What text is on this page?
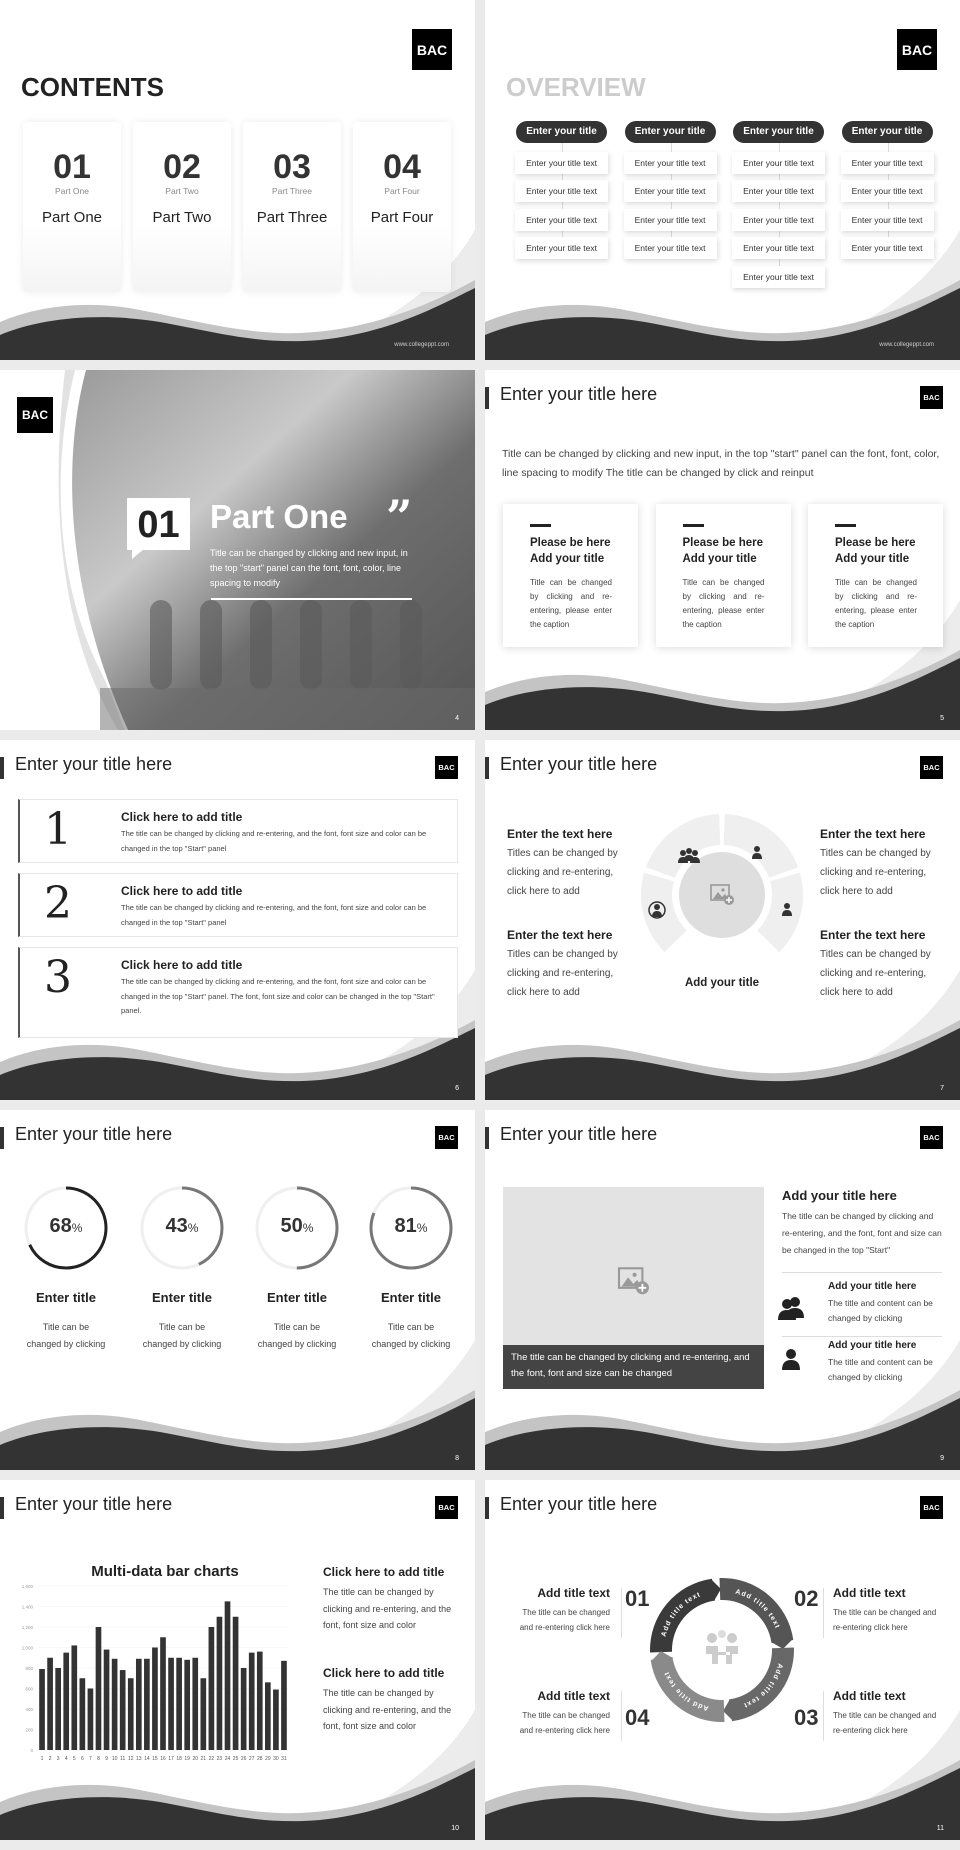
BAC
CONTENTS
01
Part One
Part One
02
Part Two
Part Two
03
Part Three
Part Three
04
Part Four
Part Four
www.collegeppt.com
BAC
OVERVIEW
Enter your title
Enter your title text
Enter your title text
Enter your title text
Enter your title text
Enter your title
Enter your title text
Enter your title text
Enter your title text
Enter your title text
Enter your title
Enter your title text
Enter your title text
Enter your title text
Enter your title text
Enter your title text
Enter your title
Enter your title text
Enter your title text
Enter your title text
Enter your title text
www.collegeppt.com
BAC
01 Part One ”
Title can be changed by clicking and new input, in the top "start" panel can the font, font, color, line spacing to modify
4
Enter your title here	BAC
Title can be changed by clicking and new input, in the top "start" panel can the font, font, color, line spacing to modify The title can be changed by click and reinput
Please be here
Add your title
Title can be changed by clicking and re-entering, please enter the caption
Please be here
Add your title
Title can be changed by clicking and re-entering, please enter the caption
Please be here
Add your title
Title can be changed by clicking and re-entering, please enter the caption
5
Enter your title here	BAC
1	Click here to add title
The title can be changed by clicking and re-entering, and the font, font size and color can be changed in the top "Start" panel
2	Click here to add title
The title can be changed by clicking and re-entering, and the font, font size and color can be changed in the top "Start" panel
3	Click here to add title
The title can be changed by clicking and re-entering, and the font, font size and color can be changed in the top "Start" panel. The font, font size and color can be changed in the top "Start" panel.
6
Enter your title here	BAC
Enter the text here
Titles can be changed by clicking and re-entering, click here to add
Enter the text here
Titles can be changed by clicking and re-entering, click here to add
Enter the text here
Titles can be changed by clicking and re-entering, click here to add
Enter the text here
Titles can be changed by clicking and re-entering, click here to add
Add your title
7
Enter your title here	BAC
68%
Enter title
Title can be changed by clicking
43%
Enter title
Title can be changed by clicking
50%
Enter title
Title can be changed by clicking
81%
Enter title
Title can be changed by clicking
8
Enter your title here	BAC
The title can be changed by clicking and re-entering, and the font, font and size can be changed
Add your title here
The title can be changed by clicking and re-entering, and the font, font and size can be changed in the top "Start"
Add your title here
The title and content can be changed by clicking
Add your title here
The title and content can be changed by clicking
9
Enter your title here	BAC
Multi-data bar charts
0
200
400
600
800
1,000
1,200
1,400
1,600
1 2 3 4 5 6 7 8 9 10 11 12 13 14 15 16 17 18 19 20 21 22 23 24 25 26 27 28 29 30 31
Click here to add title
The title can be changed by clicking and re-entering, and the font, font size and color
Click here to add title
The title can be changed by clicking and re-entering, and the font, font size and color
10
Enter your title here	BAC
Add title text	Add title text
Add title text
Add title text
Add title text
The title can be changed and re-entering click here
01	02 Add title text
The title can be changed and re-entering click here
03
Add title text
The title can be changed and re-entering click here
Add title text
The title can be changed and re-entering click here 04
11
